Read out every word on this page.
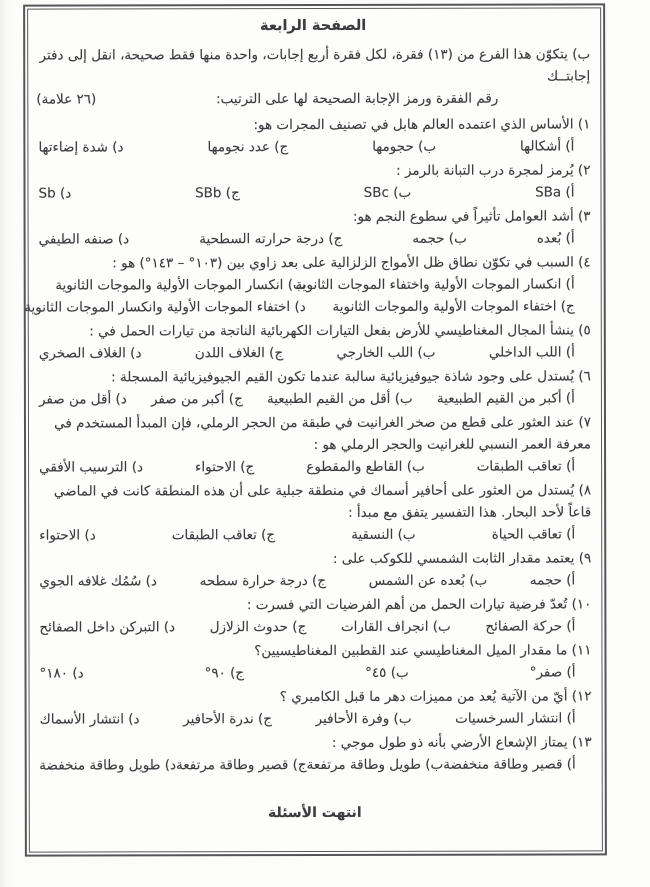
الصفحة الرابعة

ب) يتكوّن هذا الفرع من (١٣) فقرة، لكل فقرة أربع إجابات، واحدة منها فقط صحيحة، انقل إلى دفتر إجابتــك

رقم الفقرة ورمز الإجابة الصحيحة لها على الترتيب:
(٢٦ علامة)
١) الأساس الذي اعتمده العالم هابل في تصنيف المجرات هو:
أ) أشكالها
ب) حجومها
ج) عدد نجومها
د) شدة إضاءتها
٢) يُرمز لمجرة درب التبانة بالرمز :
أ) SBa
ب) SBc
ج) SBb
د) Sb
٣) أشد العوامل تأثيراً في سطوع النجم هو:
أ) بُعده
ب) حجمه
ج) درجة حرارته السطحية
د) صنفه الطيفي
٤) السبب في تكوّن نطاق ظل الأمواج الزلزالية على بعد زاوي بين (١٠٣° – ١٤٣°) هو :
أ) انكسار الموجات الأولية واختفاء الموجات الثانوية
ب) انكسار الموجات الأولية والموجات الثانوية
ج) اختفاء الموجات الأولية والموجات الثانوية
د) اختفاء الموجات الأولية وانكسار الموجات الثانوية
٥) ينشأ المجال المغناطيسي للأرض بفعل التيارات الكهربائية الناتجة من تيارات الحمل في :
أ) اللب الداخلي
ب) اللب الخارجي
ج) الغلاف اللدن
د) الغلاف الصخري
٦) يُستدل على وجود شاذة جيوفيزيائية سالبة عندما تكون القيم الجيوفيزيائية المسجلة :
أ) أكبر من القيم الطبيعية
ب) أقل من القيم الطبيعية
ج) أكبر من صفر
د) أقل من صفر
٧) عند العثور على قطع من صخر الغرانيت في طبقة من الحجر الرملي، فإن المبدأ المستخدم في معرفة العمر النسبي للغرانيت والحجر الرملي هو :
أ) تعاقب الطبقات
ب) القاطع والمقطوع
ج) الاحتواء
د) الترسيب الأفقي
٨) يُستدل من العثور على أحافير أسماك في منطقة جبلية على أن هذه المنطقة كانت في الماضي قاعاً لأحد البحار. هذا التفسير يتفق مع مبدأ :
أ) تعاقب الحياة
ب) النسقية
ج) تعاقب الطبقات
د) الاحتواء
٩) يعتمد مقدار الثابت الشمسي للكوكب على :
أ) حجمه
ب) بُعده عن الشمس
ج) درجة حرارة سطحه
د) سُمُك غلافه الجوي
١٠) تُعدّ فرضية تيارات الحمل من أهم الفرضيات التي فسرت :
أ) حركة الصفائح
ب) انجراف القارات
ج) حدوث الزلازل
د) التبركن داخل الصفائح
١١) ما مقدار الميل المغناطيسي عند القطبين المغناطيسيين؟
أ) صفر°
ب) ٤٥°
ج) ٩٠°
د) ١٨٠°
١٢) أيّ من الآتية يُعد من مميزات دهر ما قبل الكامبري ؟
أ) انتشار السرخسيات
ب) وفرة الأحافير
ج) ندرة الأحافير
د) انتشار الأسماك
١٣) يمتاز الإشعاع الأرضي بأنه ذو طول موجي :
أ) قصير وطاقة منخفضة
ب) طويل وطاقة مرتفعة
ج) قصير وطاقة مرتفعة
د) طويل وطاقة منخفضة
انتهت الأسئلة
